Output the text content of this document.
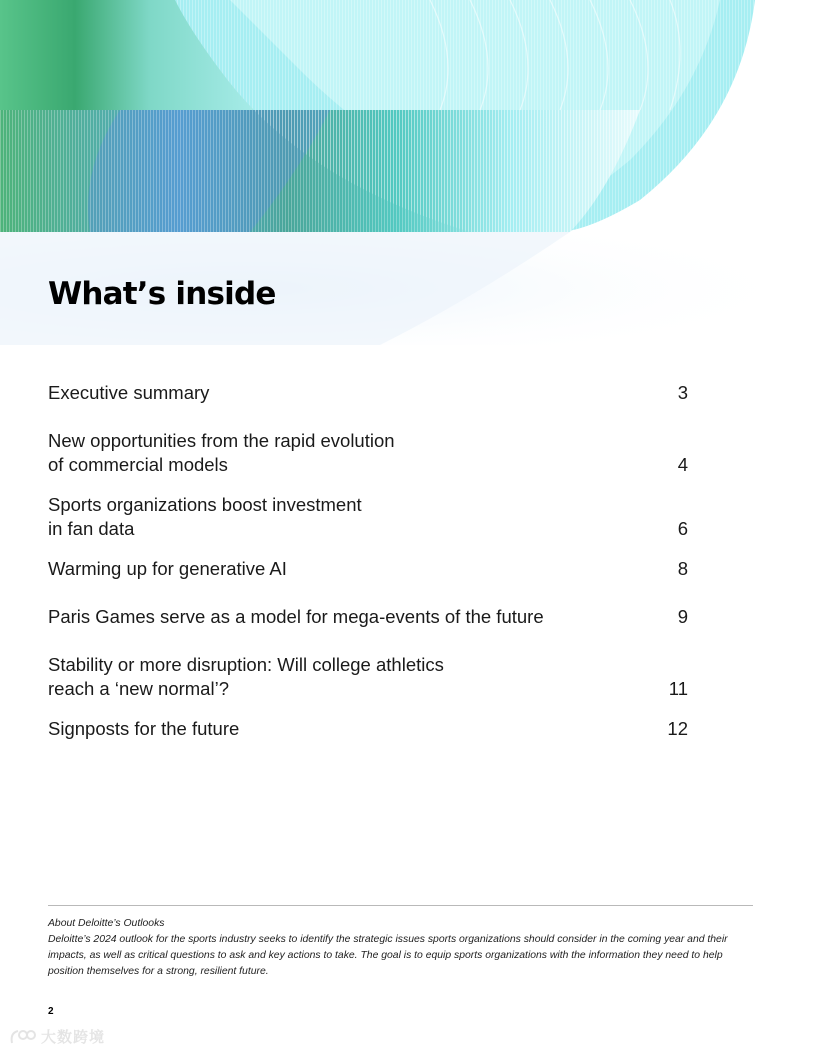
What’s inside
Executive summary	3
New opportunities from the rapid evolution
of commercial models	4
Sports organizations boost investment
in fan data	6
Warming up for generative AI	8
Paris Games serve as a model for mega-events of the future	9
Stability or more disruption: Will college athletics
reach a ‘new normal’?	11
Signposts for the future	12

About Deloitte’s Outlooks

Deloitte’s 2024 outlook for the sports industry seeks to identify the strategic issues sports organizations should consider in the coming year and their impacts, as well as critical questions to ask and key actions to take. The goal is to equip sports organizations with the information they need to help position themselves for a strong, resilient future.

2
大数跨境
